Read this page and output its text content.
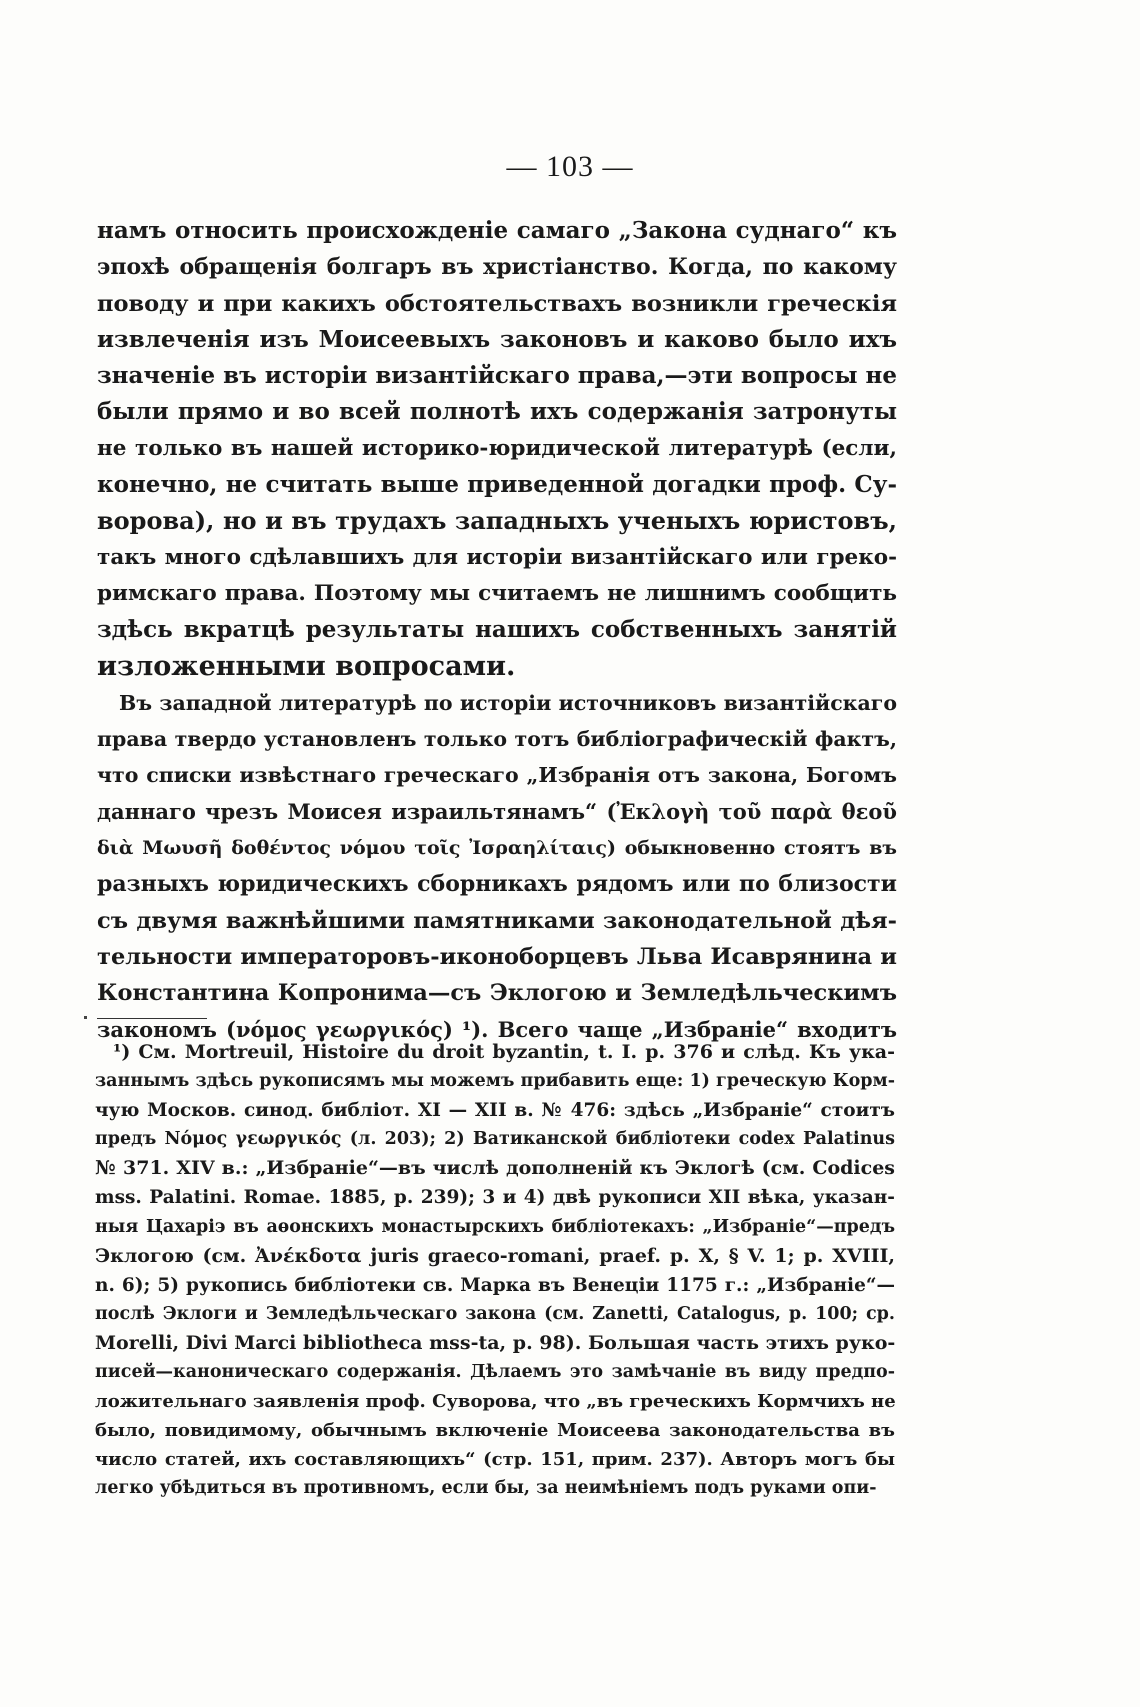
— 103 —
намъ относить происхожденіе самаго „Закона суднаго“ къ
эпохѣ обращенія болгаръ въ христіанство. Когда, по какому
поводу и при какихъ обстоятельствахъ возникли греческія
извлеченія изъ Моисеевыхъ законовъ и каково было ихъ
значеніе въ исторіи византійскаго права,—эти вопросы не
были прямо и во всей полнотѣ ихъ содержанія затронуты
не только въ нашей историко-юридической литературѣ (если,
конечно, не считать выше приведенной догадки проф. Су-
ворова), но и въ трудахъ западныхъ ученыхъ юристовъ,
такъ много сдѣлавшихъ для исторіи византійскаго или греко-
римскаго права. Поэтому мы считаемъ не лишнимъ сообщить
здѣсь вкратцѣ результаты нашихъ собственныхъ занятій
изложенными вопросами.
Въ западной литературѣ по исторіи источниковъ византійскаго
права твердо установленъ только тотъ библіографическій фактъ,
что списки извѣстнаго греческаго „Избранія отъ закона, Богомъ
даннаго чрезъ Моисея израильтянамъ“ (Ἐκλογὴ τοῦ παρὰ θεοῦ
διὰ Μωυσῆ δοθέντος νόμου τοῖς Ἰσραηλίταις) обыкновенно стоятъ въ
разныхъ юридическихъ сборникахъ рядомъ или по близости
съ двумя важнѣйшими памятниками законодательной дѣя-
тельности императоровъ-иконоборцевъ Льва Исаврянина и
Константина Копронима—съ Эклогою и Земледѣльческимъ
закономъ (νόμος γεωργικός) ¹). Всего чаще „Избраніе“ входитъ
¹) См. Mortreuil, Histoire du droit byzantin, t. I. p. 376 и слѣд. Къ ука-
заннымъ здѣсь рукописямъ мы можемъ прибавить еще: 1) греческую Корм-
чую Москов. синод. библіот. XI — XII в. № 476: здѣсь „Избраніе“ стоитъ
предъ Νόμος γεωργικός (л. 203); 2) Ватиканской библіотеки codex Palatinus
№ 371. XIV в.: „Избраніе“—въ числѣ дополненій къ Эклогѣ (см. Codices
mss. Palatini. Romae. 1885, p. 239); 3 и 4) двѣ рукописи XII вѣка, указан-
ныя Цахаріэ въ аѳонскихъ монастырскихъ библіотекахъ: „Избраніе“—предъ
Эклогою (см. Ἀνέκδοτα juris graeco-romani, praef. p. X, § V. 1; p. XVIII,
n. 6); 5) рукопись библіотеки св. Марка въ Венеціи 1175 г.: „Избраніе“—
послѣ Эклоги и Земледѣльческаго закона (см. Zanetti, Catalogus, p. 100; cp.
Morelli, Divi Marci bibliotheca mss-ta, p. 98). Большая часть этихъ руко-
писей—каноническаго содержанія. Дѣлаемъ это замѣчаніе въ виду предпо-
ложительнаго заявленія проф. Суворова, что „въ греческихъ Кормчихъ не
было, повидимому, обычнымъ включеніе Моисеева законодательства въ
число статей, ихъ составляющихъ“ (стр. 151, прим. 237). Авторъ могъ бы
легко убѣдиться въ противномъ, если бы, за неимѣніемъ подъ руками опи-
